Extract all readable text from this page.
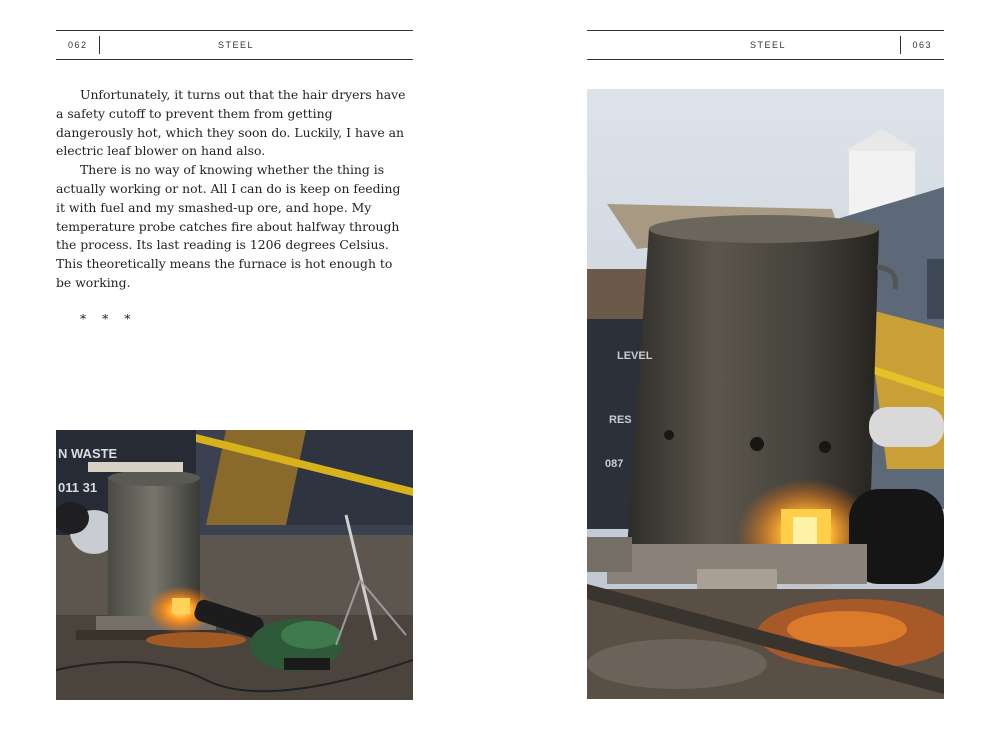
062	STEEL

Unfortunately, it turns out that the hair dryers have a safety cutoff to prevent them from getting dangerously hot, which they soon do. Luckily, I have an electric leaf blower on hand also.

There is no way of knowing whether the thing is actually working or not. All I can do is keep on feeding it with fuel and my smashed-up ore, and hope. My temperature probe catches fire about halfway through the process. Its last reading is 1206 degrees Celsius. This theoretically means the furnace is hot enough to be working.

* * *
N WASTE 011 31
STEEL	063
LEVEL RES 087
